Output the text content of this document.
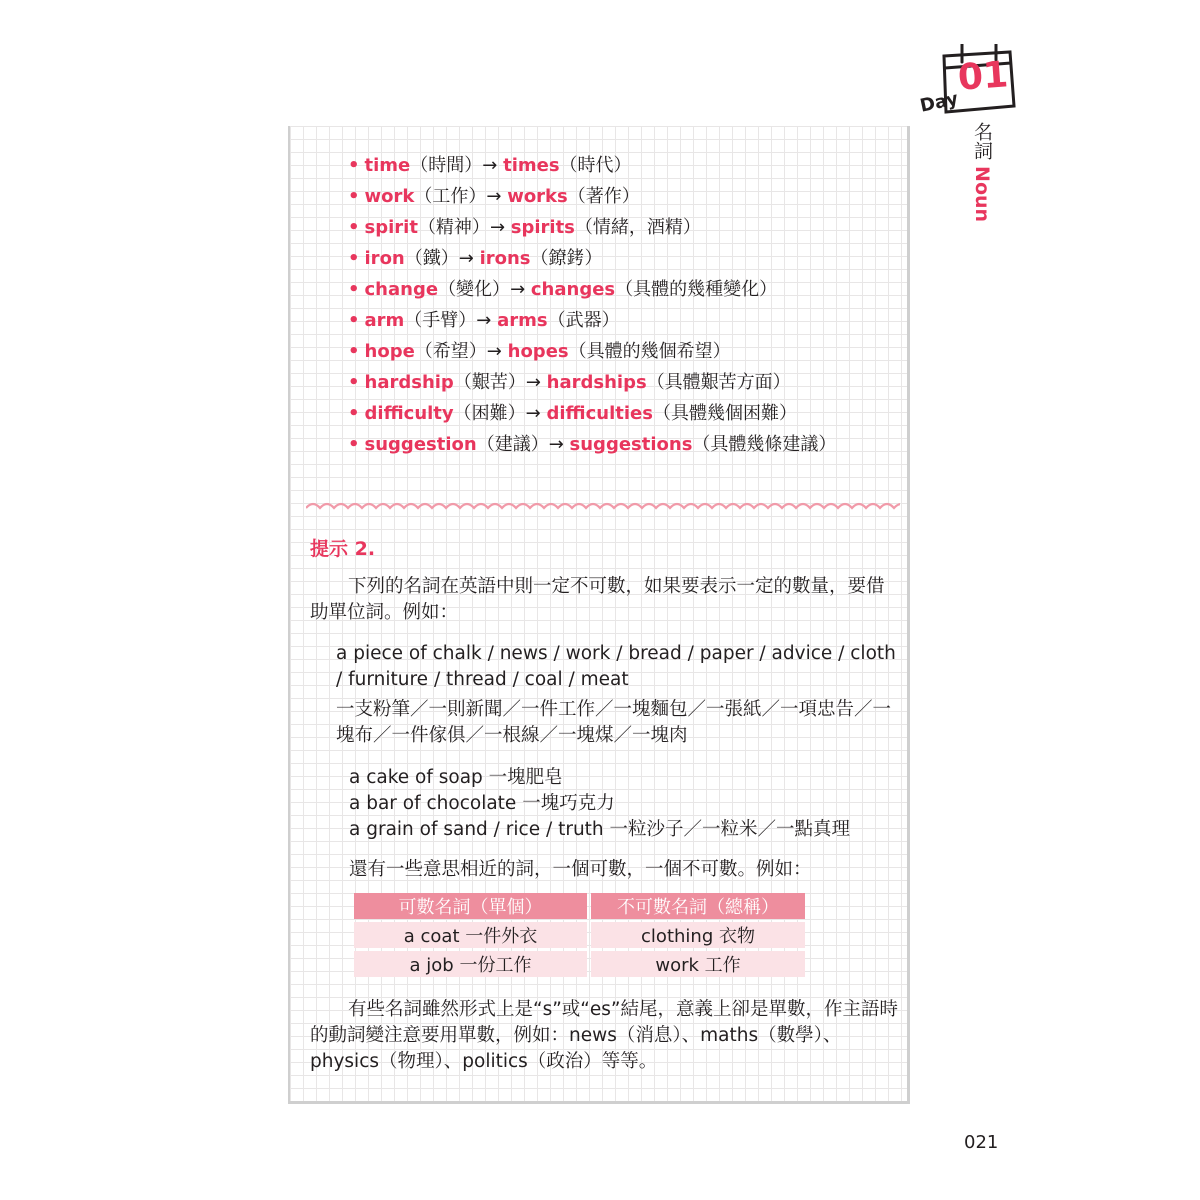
01
Day
名詞 Noun
• time（時間）→ times（時代）
• work（工作）→ works（著作）
• spirit（精神）→ spirits（情緒，酒精）
• iron（鐵）→ irons（鐐銬）
• change（變化）→ changes（具體的幾種變化）
• arm（手臂）→ arms（武器）
• hope（希望）→ hopes（具體的幾個希望）
• hardship（艱苦）→ hardships（具體艱苦方面）
• difficulty（困難）→ difficulties（具體幾個困難）
• suggestion（建議）→ suggestions（具體幾條建議）
提示 2.
下列的名詞在英語中則一定不可數，如果要表示一定的數量，要借助單位詞。例如：
a piece of chalk / news / work / bread / paper / advice / cloth / furniture / thread / coal / meat
一支粉筆／一則新聞／一件工作／一塊麵包／一張紙／一項忠告／一塊布／一件傢俱／一根線／一塊煤／一塊肉
a cake of soap 一塊肥皂
a bar of chocolate 一塊巧克力
a grain of sand / rice / truth 一粒沙子／一粒米／一點真理
還有一些意思相近的詞，一個可數，一個不可數。例如：
可數名詞（單個）	不可數名詞（總稱）
a coat 一件外衣	clothing 衣物
a job 一份工作	work 工作
有些名詞雖然形式上是“s”或“es”結尾，意義上卻是單數，作主語時的動詞變注意要用單數，例如：news（消息）、maths（數學）、physics（物理）、politics（政治）等等。
021
